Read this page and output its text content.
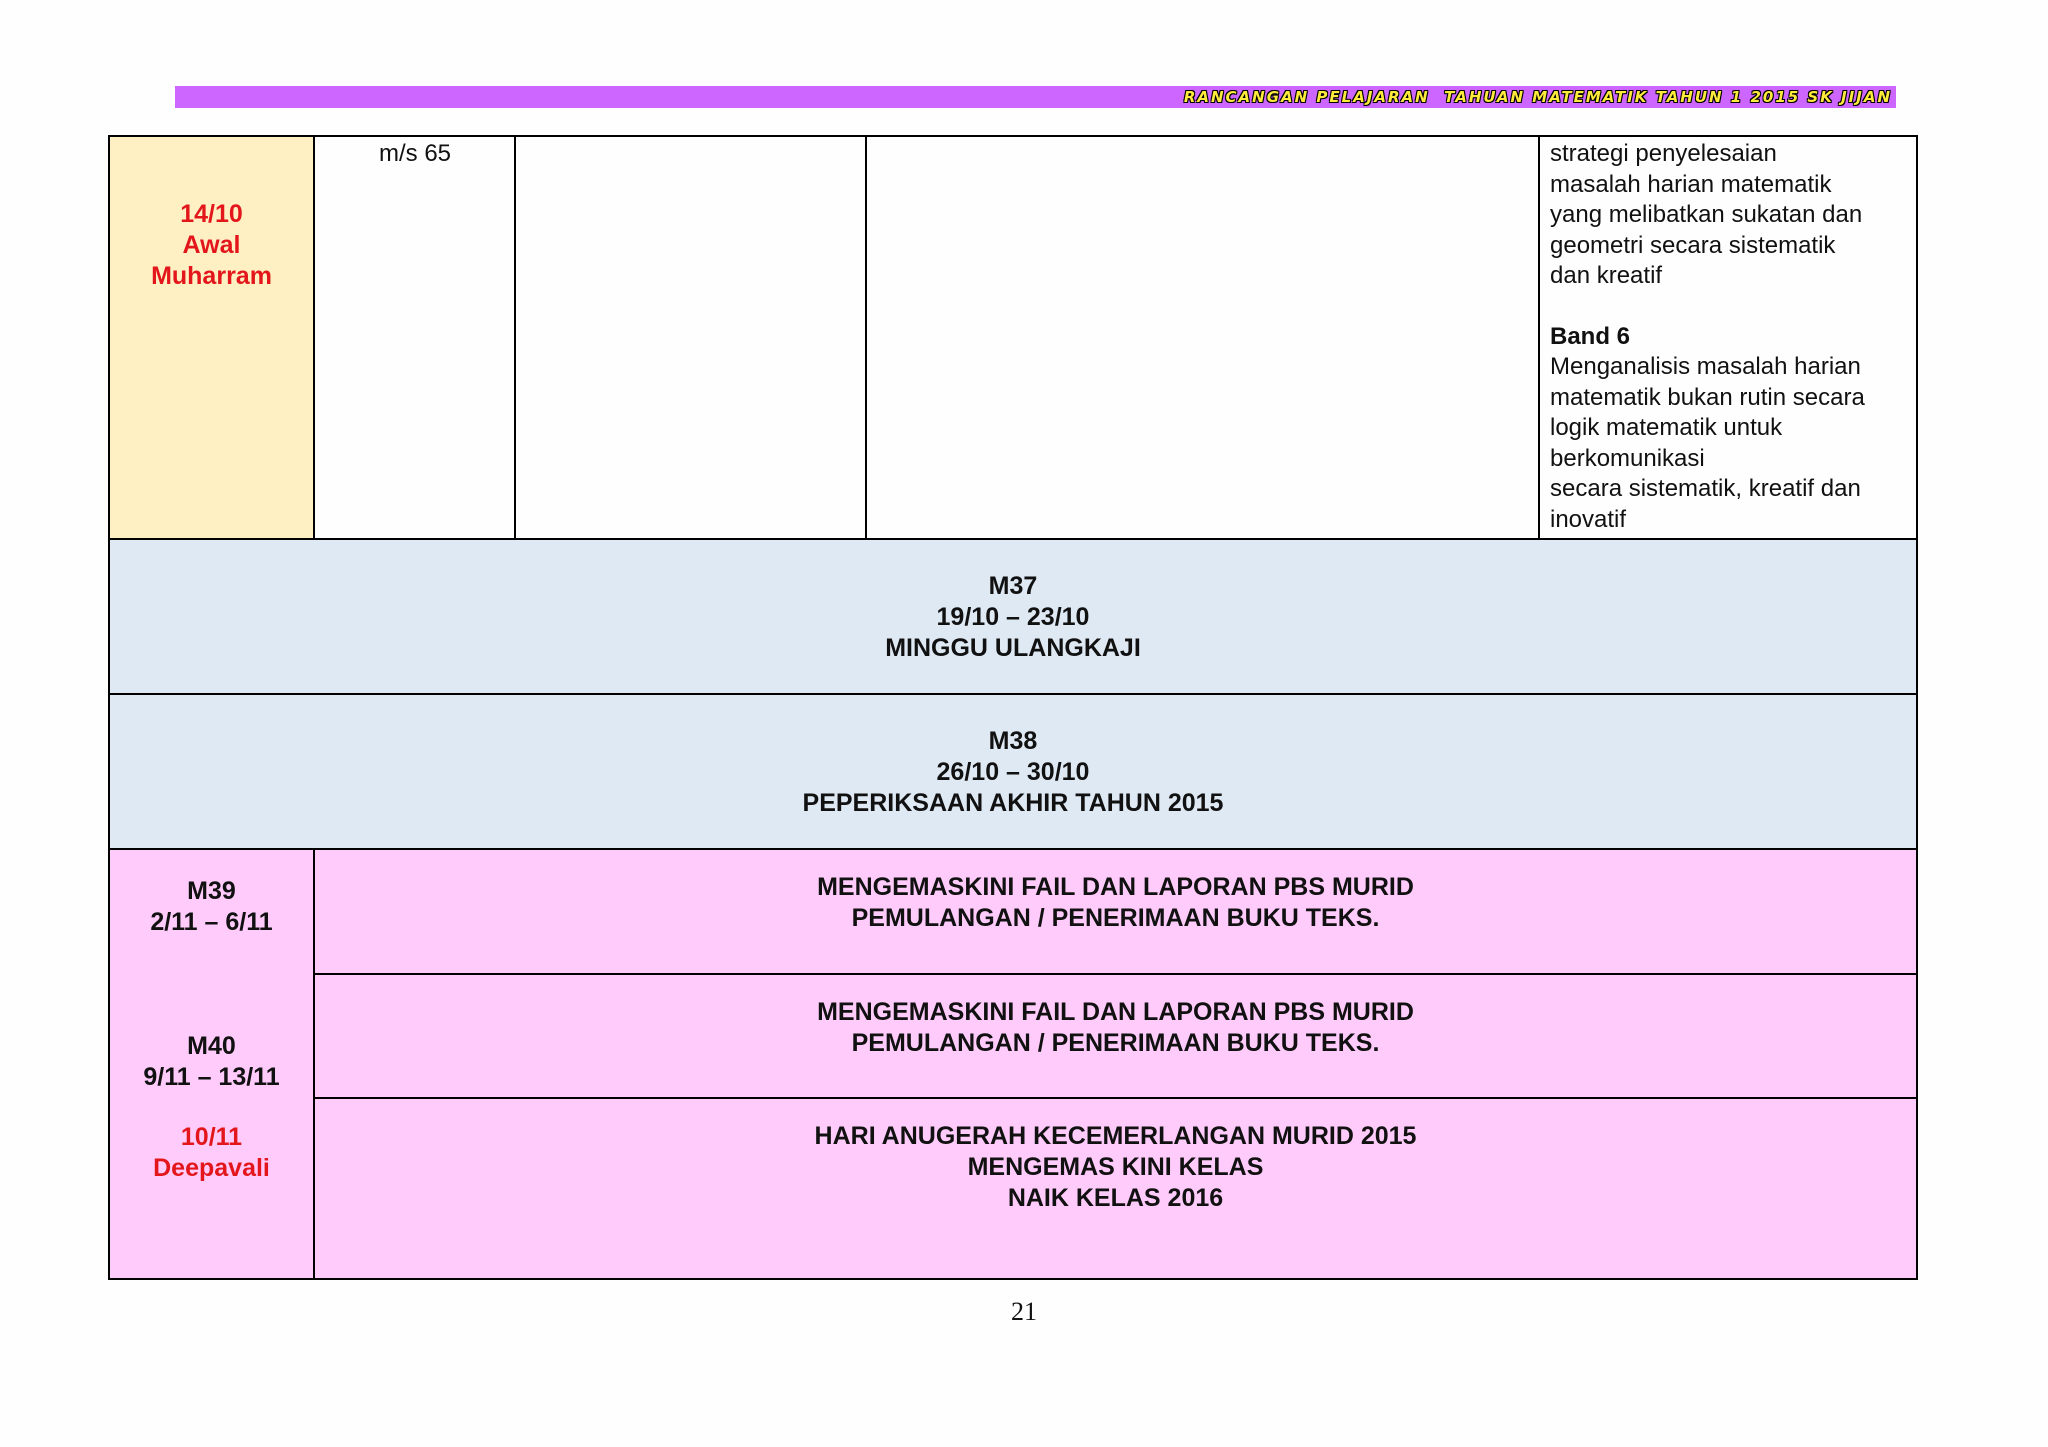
RANCANGAN PELAJARAN  TAHUAN MATEMATIK TAHUN 1 2015 SK JIJAN
14/10
Awal
Muharram
m/s 65	strategi penyelesaian

masalah harian matematik

yang melibatkan sukatan dan

geometri secara sistematik

dan kreatif

Band 6

Menganalisis masalah harian

matematik bukan rutin secara

logik matematik untuk

berkomunikasi

secara sistematik, kreatif dan

inovatif

M37
19/10 – 23/10
MINGGU ULANGKAJI
M38
26/10 – 30/10
PEPERIKSAAN AKHIR TAHUN 2015
M39
2/11 – 6/11
M40
9/11 – 13/11
10/11
Deepavali
MENGEMASKINI FAIL DAN LAPORAN PBS MURID
PEMULANGAN / PENERIMAAN BUKU TEKS.
MENGEMASKINI FAIL DAN LAPORAN PBS MURID
PEMULANGAN / PENERIMAAN BUKU TEKS.
HARI ANUGERAH KECEMERLANGAN MURID 2015
MENGEMAS KINI KELAS
NAIK KELAS 2016
21
